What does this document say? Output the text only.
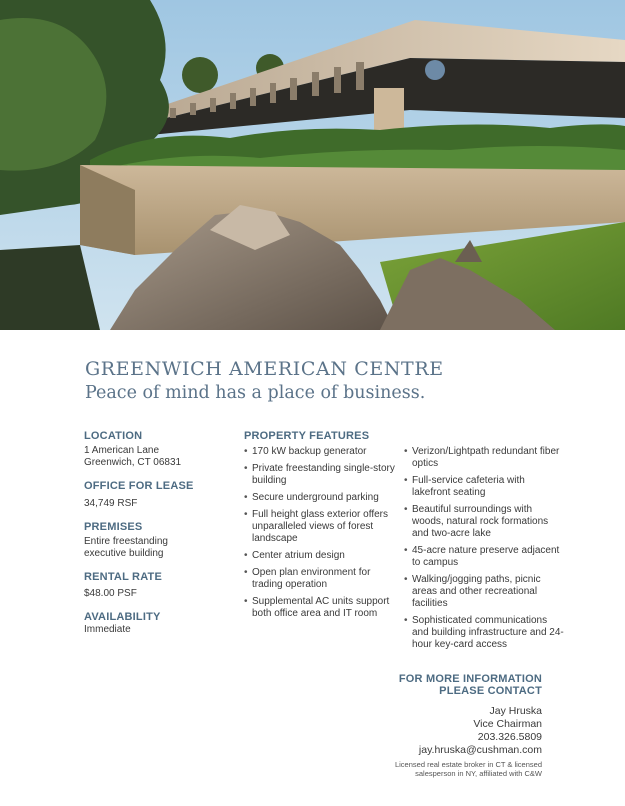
GREENWICH AMERICAN CENTRE
Peace of mind has a place of business.

LOCATION

1 American Lane
Greenwich, CT 06831

OFFICE FOR LEASE

34,749 RSF

PREMISES

Entire freestanding
executive building

RENTAL RATE

$48.00 PSF

AVAILABILITY

Immediate

PROPERTY FEATURES

• 170 kW backup generator
• Private freestanding single-story building
• Secure underground parking
• Full height glass exterior offers unparalleled views of forest landscape
• Center atrium design
• Open plan environment for trading operation
• Supplemental AC units support both office area and IT room
• Verizon/Lightpath redundant fiber optics
• Full-service cafeteria with lakefront seating
• Beautiful surroundings with woods, natural rock formations and two-acre lake
• 45-acre nature preserve adjacent to campus
• Walking/jogging paths, picnic areas and other recreational facilities
• Sophisticated communications and building infrastructure and 24-hour key-card access

FOR MORE INFORMATION

PLEASE CONTACT

Jay Hruska
Vice Chairman
203.326.5809
jay.hruska@cushman.com
Licensed real estate broker in CT & licensed
salesperson in NY, affiliated with C&W
